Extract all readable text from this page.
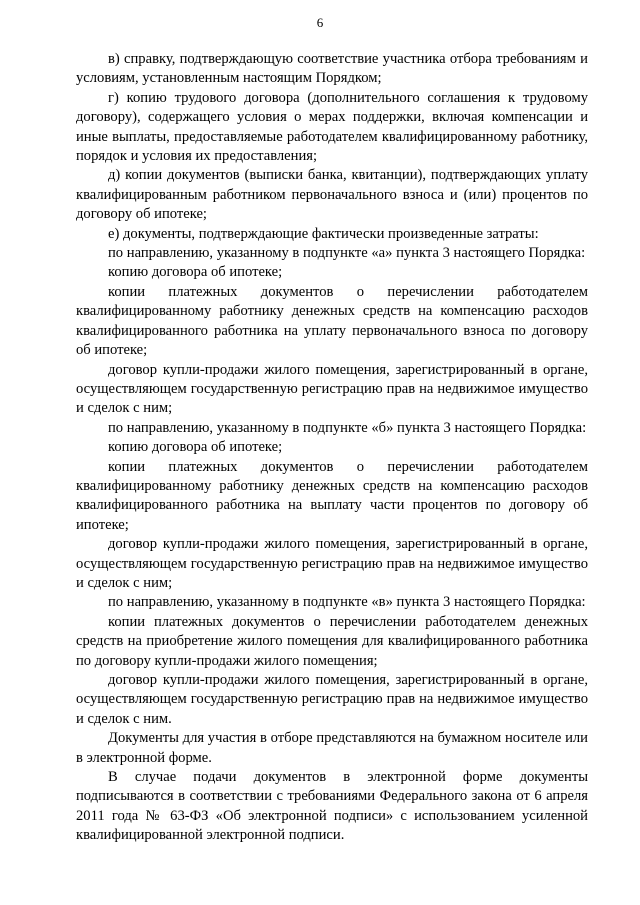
6

в) справку, подтверждающую соответствие участника отбора требованиям и условиям, установленным настоящим Порядком;

г) копию трудового договора (дополнительного соглашения к трудовому договору), содержащего условия о мерах поддержки, включая компенсации и иные выплаты, предоставляемые работодателем квалифицированному работнику, порядок и условия их предоставления;

д) копии документов (выписки банка, квитанции), подтверждающих уплату квалифицированным работником первоначального взноса и (или) процентов по договору об ипотеке;

е) документы, подтверждающие фактически произведенные затраты:

по направлению, указанному в подпункте «а» пункта 3 настоящего Порядка:

копию договора об ипотеке;

копии платежных документов о перечислении работодателем квалифицированному работнику денежных средств на компенсацию расходов квалифицированного работника на уплату первоначального взноса по договору об ипотеке;

договор купли-продажи жилого помещения, зарегистрированный в органе, осуществляющем государственную регистрацию прав на недвижимое имущество и сделок с ним;

по направлению, указанному в подпункте «б» пункта 3 настоящего Порядка:

копию договора об ипотеке;

копии платежных документов о перечислении работодателем квалифицированному работнику денежных средств на компенсацию расходов квалифицированного работника на выплату части процентов по договору об ипотеке;

договор купли-продажи жилого помещения, зарегистрированный в органе, осуществляющем государственную регистрацию прав на недвижимое имущество и сделок с ним;

по направлению, указанному в подпункте «в» пункта 3 настоящего Порядка:

копии платежных документов о перечислении работодателем денежных средств на приобретение жилого помещения для квалифицированного работника по договору купли-продажи жилого помещения;

договор купли-продажи жилого помещения, зарегистрированный в органе, осуществляющем государственную регистрацию прав на недвижимое имущество и сделок с ним.

Документы для участия в отборе представляются на бумажном носителе или в электронной форме.

В случае подачи документов в электронной форме документы подписываются в соответствии с требованиями Федерального закона от 6 апреля 2011 года № 63-ФЗ «Об электронной подписи» с использованием усиленной квалифицированной электронной подписи.
